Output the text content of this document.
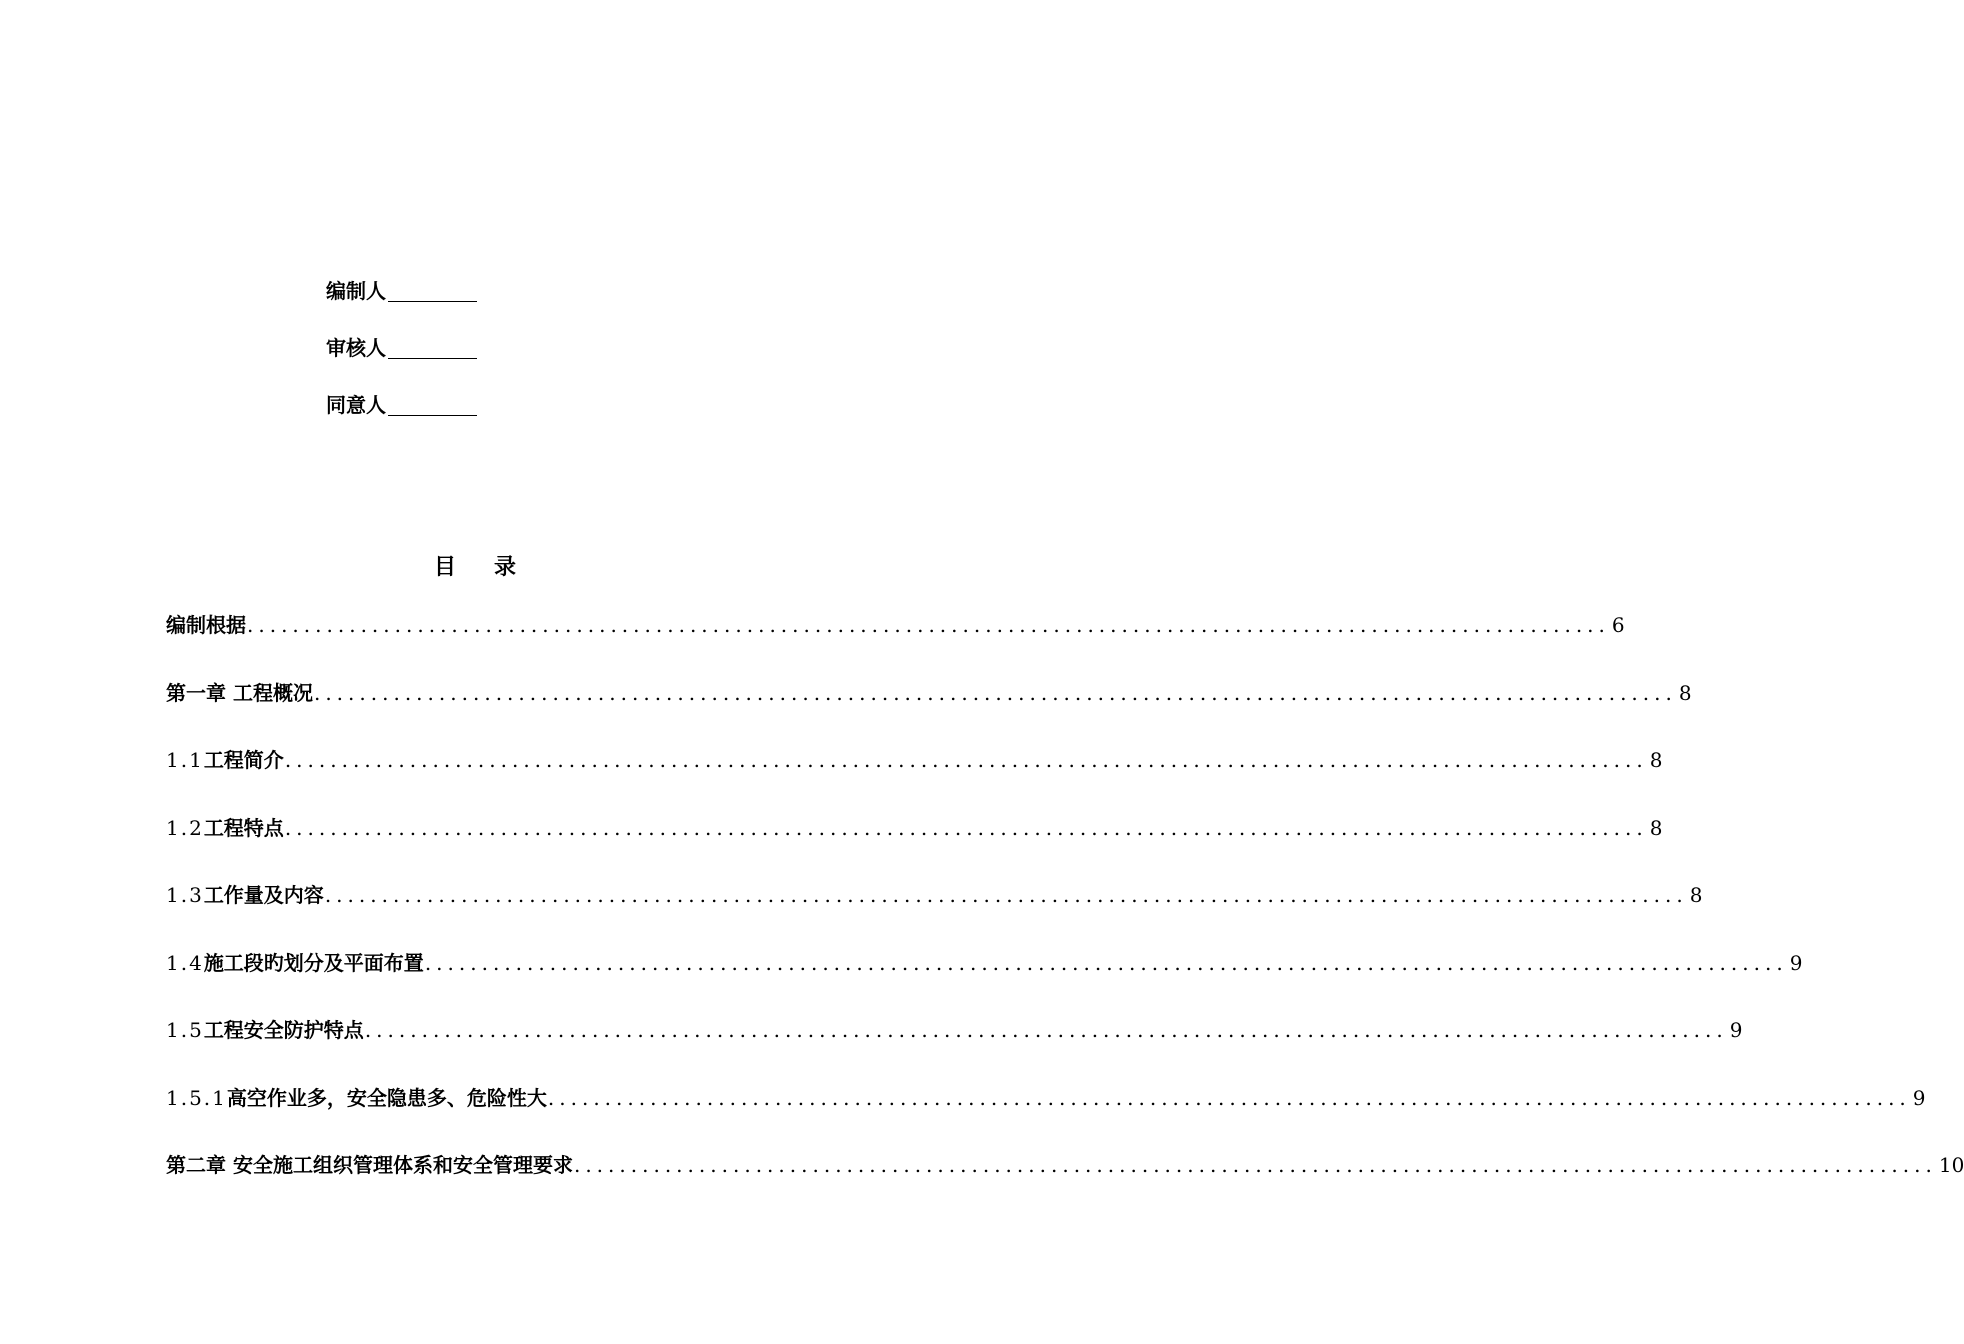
编制人
审核人
同意人
目 录
编制根据 ........................................................................................................................ 6
第一章 工程概况 ........................................................................................................................ 8
1.1工程简介 ........................................................................................................................ 8
1.2工程特点 ........................................................................................................................ 8
1.3工作量及内容 ........................................................................................................................ 8
1.4施工段旳划分及平面布置 ........................................................................................................................ 9
1.5工程安全防护特点 ........................................................................................................................ 9
1.5.1高空作业多，安全隐患多、危险性大 ........................................................................................................................ 9
第二章 安全施工组织管理体系和安全管理要求 ........................................................................................................................ 10
